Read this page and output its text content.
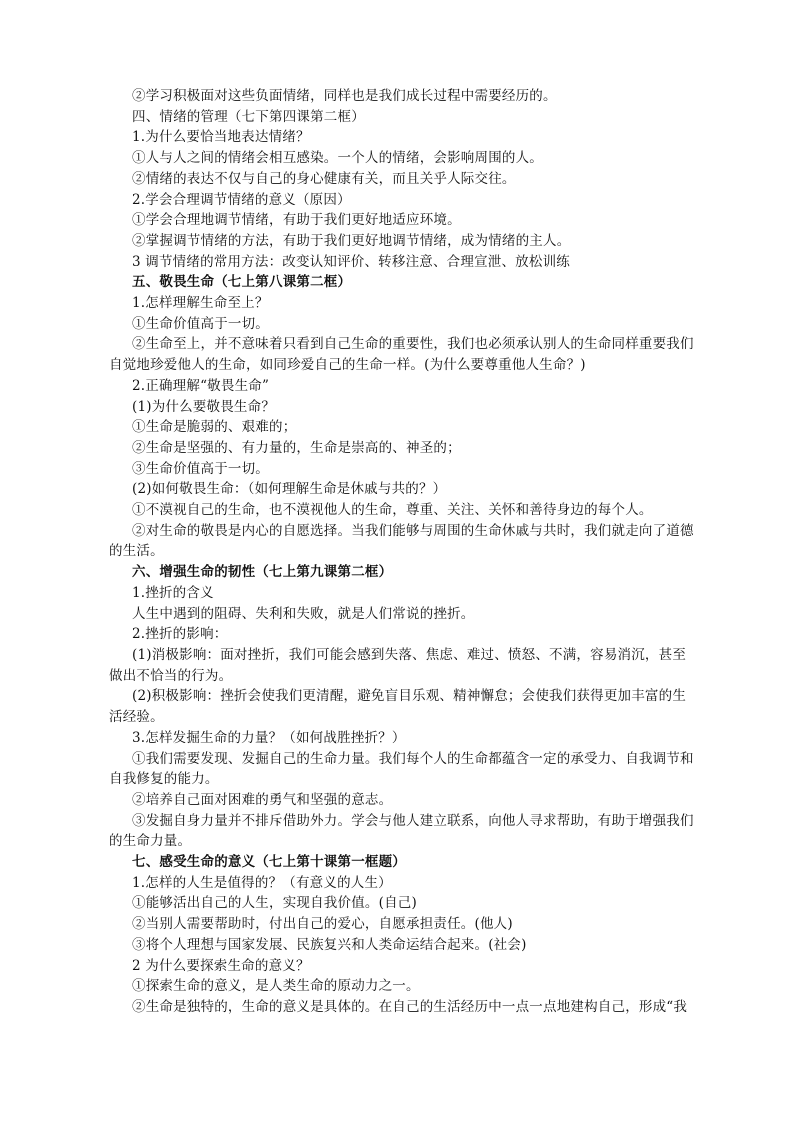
②学习积极面对这些负面情绪，同样也是我们成长过程中需要经历的。

四、情绪的管理（七下第四课第二框）

1.为什么要恰当地表达情绪？

①人与人之间的情绪会相互感染。一个人的情绪，会影响周围的人。

②情绪的表达不仅与自己的身心健康有关，而且关乎人际交往。

2.学会合理调节情绪的意义（原因）

①学会合理地调节情绪，有助于我们更好地适应环境。

②掌握调节情绪的方法，有助于我们更好地调节情绪，成为情绪的主人。

3 调节情绪的常用方法：改变认知评价、转移注意、合理宣泄、放松训练

五、敬畏生命（七上第八课第二框）

1.怎样理解生命至上？

①生命价值高于一切。

②生命至上，并不意味着只看到自己生命的重要性，我们也必须承认别人的生命同样重要我们自觉地珍爱他人的生命，如同珍爱自己的生命一样。(为什么要尊重他人生命？)

2.正确理解“敬畏生命”

(1)为什么要敬畏生命？

①生命是脆弱的、艰难的；

②生命是坚强的、有力量的，生命是崇高的、神圣的；

③生命价值高于一切。

(2)如何敬畏生命：（如何理解生命是休戚与共的？）

①不漠视自己的生命，也不漠视他人的生命，尊重、关注、关怀和善待身边的每个人。

②对生命的敬畏是内心的自愿选择。当我们能够与周围的生命休戚与共时，我们就走向了道德的生活。

六、增强生命的韧性（七上第九课第二框）

1.挫折的含义

人生中遇到的阻碍、失利和失败，就是人们常说的挫折。

2.挫折的影响：

(1)消极影响：面对挫折，我们可能会感到失落、焦虑、难过、愤怒、不满，容易消沉，甚至做出不恰当的行为。

(2)积极影响：挫折会使我们更清醒，避免盲目乐观、精神懈怠；会使我们获得更加丰富的生活经验。

3.怎样发掘生命的力量？（如何战胜挫折？）

①我们需要发现、发掘自己的生命力量。我们每个人的生命都蕴含一定的承受力、自我调节和自我修复的能力。

②培养自己面对困难的勇气和坚强的意志。

③发掘自身力量并不排斥借助外力。学会与他人建立联系，向他人寻求帮助，有助于增强我们的生命力量。

七、感受生命的意义（七上第十课第一框题）

1.怎样的人生是值得的？（有意义的人生）

①能够活出自己的人生，实现自我价值。(自己)

②当别人需要帮助时，付出自己的爱心，自愿承担责任。(他人)

③将个人理想与国家发展、民族复兴和人类命运结合起来。(社会)

2 为什么要探索生命的意义？

①探索生命的意义，是人类生命的原动力之一。

②生命是独特的，生命的意义是具体的。在自己的生活经历中一点一点地建构自己，形成“我
